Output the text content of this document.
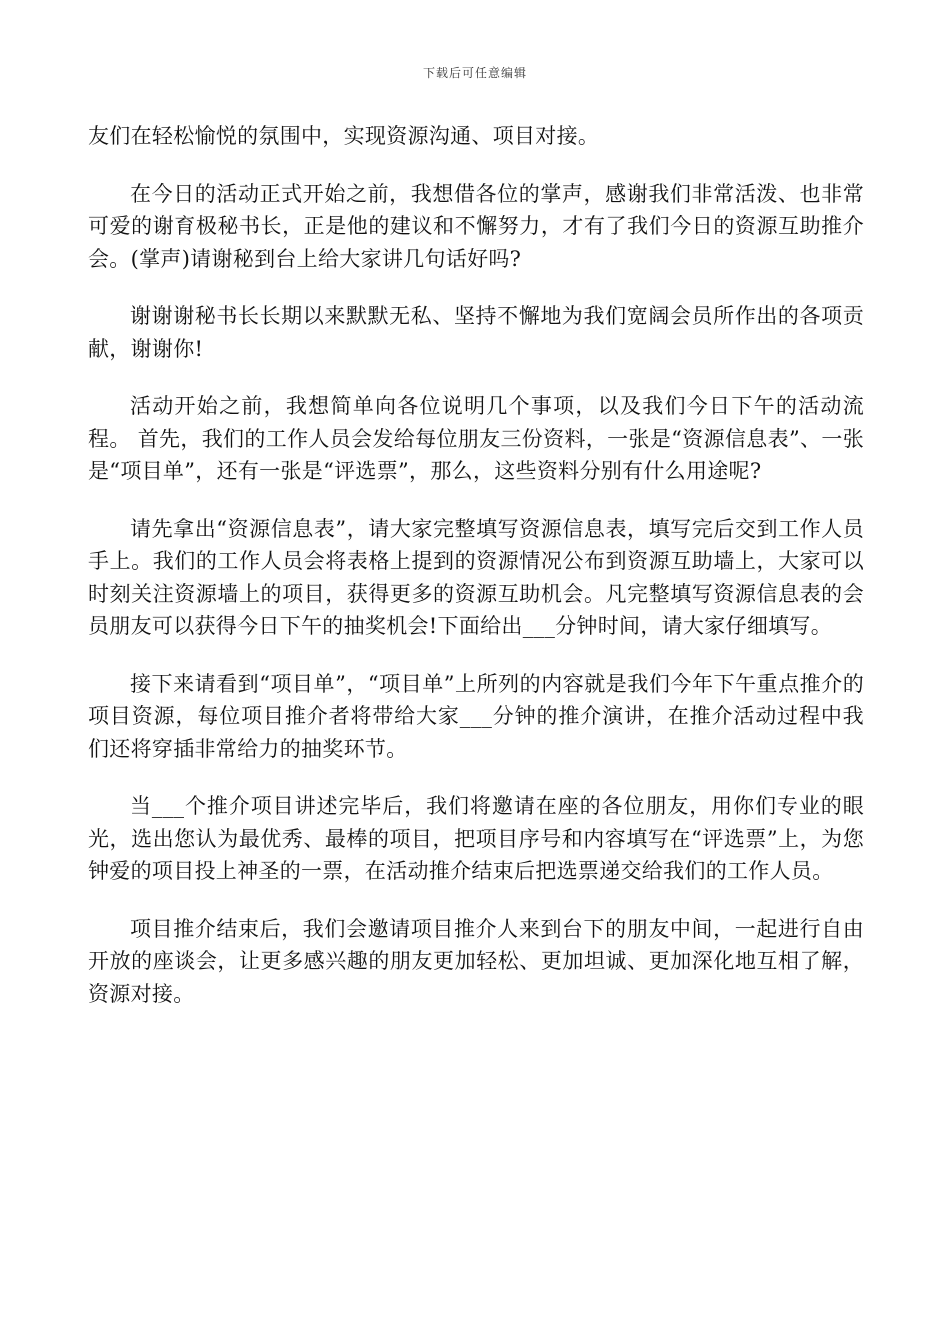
下载后可任意编辑

友们在轻松愉悦的氛围中，实现资源沟通、项目对接。

在今日的活动正式开始之前，我想借各位的掌声，感谢我们非常活泼、也非常可爱的谢育极秘书长，正是他的建议和不懈努力，才有了我们今日的资源互助推介会。(掌声)请谢秘到台上给大家讲几句话好吗?

谢谢谢秘书长长期以来默默无私、坚持不懈地为我们宽阔会员所作出的各项贡献，谢谢你!

活动开始之前，我想简单向各位说明几个事项，以及我们今日下午的活动流程。 首先，我们的工作人员会发给每位朋友三份资料，一张是“资源信息表”、一张是“项目单”，还有一张是“评选票”，那么，这些资料分别有什么用途呢?

请先拿出“资源信息表”，请大家完整填写资源信息表，填写完后交到工作人员手上。我们的工作人员会将表格上提到的资源情况公布到资源互助墙上，大家可以时刻关注资源墙上的项目，获得更多的资源互助机会。凡完整填写资源信息表的会员朋友可以获得今日下午的抽奖机会!下面给出___分钟时间，请大家仔细填写。

接下来请看到“项目单”，“项目单”上所列的内容就是我们今年下午重点推介的项目资源，每位项目推介者将带给大家___分钟的推介演讲，在推介活动过程中我们还将穿插非常给力的抽奖环节。

当___个推介项目讲述完毕后，我们将邀请在座的各位朋友，用你们专业的眼光，选出您认为最优秀、最棒的项目，把项目序号和内容填写在“评选票”上，为您钟爱的项目投上神圣的一票，在活动推介结束后把选票递交给我们的工作人员。

项目推介结束后，我们会邀请项目推介人来到台下的朋友中间，一起进行自由开放的座谈会，让更多感兴趣的朋友更加轻松、更加坦诚、更加深化地互相了解，资源对接。
